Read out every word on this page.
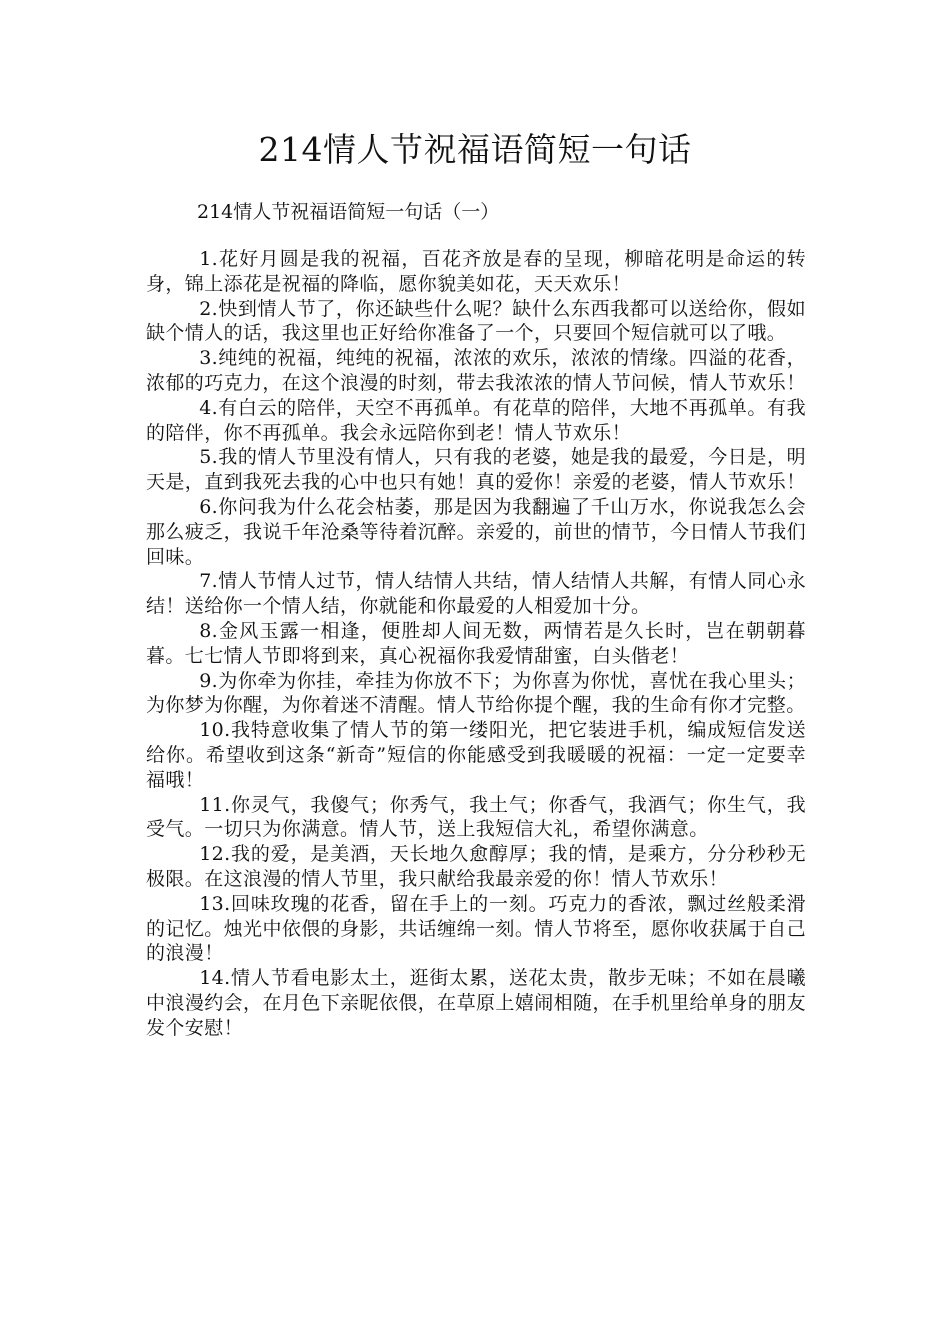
214情人节祝福语简短一句话
214情人节祝福语简短一句话（一）

1.花好月圆是我的祝福，百花齐放是春的呈现，柳暗花明是命运的转身，锦上添花是祝福的降临，愿你貌美如花，天天欢乐！

2.快到情人节了，你还缺些什么呢？缺什么东西我都可以送给你，假如缺个情人的话，我这里也正好给你准备了一个，只要回个短信就可以了哦。

3.纯纯的祝福，纯纯的祝福，浓浓的欢乐，浓浓的情缘。四溢的花香，浓郁的巧克力，在这个浪漫的时刻，带去我浓浓的情人节问候，情人节欢乐！

4.有白云的陪伴，天空不再孤单。有花草的陪伴，大地不再孤单。有我的陪伴，你不再孤单。我会永远陪你到老！情人节欢乐！

5.我的情人节里没有情人，只有我的老婆，她是我的最爱，今日是，明天是，直到我死去我的心中也只有她！真的爱你！亲爱的老婆，情人节欢乐！

6.你问我为什么花会枯萎，那是因为我翻遍了千山万水，你说我怎么会那么疲乏，我说千年沧桑等待着沉醉。亲爱的，前世的情节，今日情人节我们回味。

7.情人节情人过节，情人结情人共结，情人结情人共解，有情人同心永结！送给你一个情人结，你就能和你最爱的人相爱加十分。

8.金风玉露一相逢，便胜却人间无数，两情若是久长时，岂在朝朝暮暮。七七情人节即将到来，真心祝福你我爱情甜蜜，白头偕老！

9.为你牵为你挂，牵挂为你放不下；为你喜为你忧，喜忧在我心里头；为你梦为你醒，为你着迷不清醒。情人节给你提个醒，我的生命有你才完整。

10.我特意收集了情人节的第一缕阳光，把它装进手机，编成短信发送给你。希望收到这条“新奇”短信的你能感受到我暖暖的祝福：一定一定要幸福哦！

11.你灵气，我傻气；你秀气，我土气；你香气，我酒气；你生气，我受气。一切只为你满意。情人节，送上我短信大礼，希望你满意。

12.我的爱，是美酒，天长地久愈醇厚；我的情，是乘方，分分秒秒无极限。在这浪漫的情人节里，我只献给我最亲爱的你！情人节欢乐！

13.回味玫瑰的花香，留在手上的一刻。巧克力的香浓，飘过丝般柔滑的记忆。烛光中依偎的身影，共话缠绵一刻。情人节将至，愿你收获属于自己的浪漫！

14.情人节看电影太土，逛街太累，送花太贵，散步无味；不如在晨曦中浪漫约会，在月色下亲昵依偎，在草原上嬉闹相随，在手机里给单身的朋友发个安慰！
